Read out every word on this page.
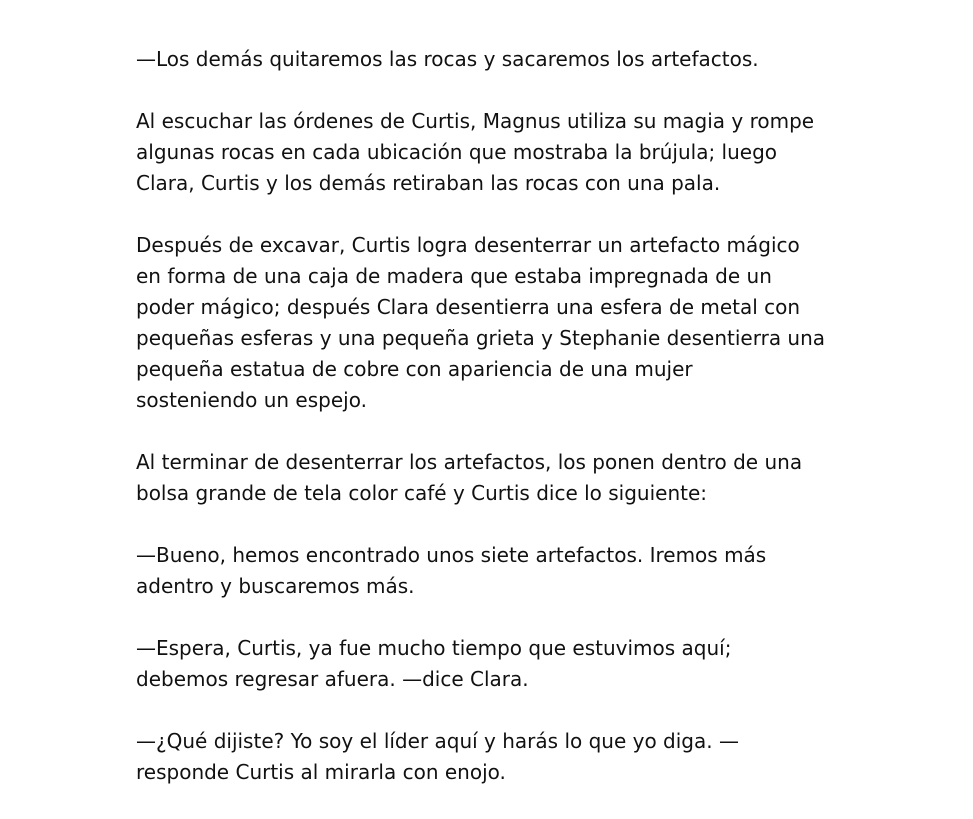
—Los demás quitaremos las rocas y sacaremos los artefactos.
Al escuchar las órdenes de Curtis, Magnus utiliza su magia y rompe
algunas rocas en cada ubicación que mostraba la brújula; luego
Clara, Curtis y los demás retiraban las rocas con una pala.
Después de excavar, Curtis logra desenterrar un artefacto mágico
en forma de una caja de madera que estaba impregnada de un
poder mágico; después Clara desentierra una esfera de metal con
pequeñas esferas y una pequeña grieta y Stephanie desentierra una
pequeña estatua de cobre con apariencia de una mujer
sosteniendo un espejo.
Al terminar de desenterrar los artefactos, los ponen dentro de una
bolsa grande de tela color café y Curtis dice lo siguiente:
—Bueno, hemos encontrado unos siete artefactos. Iremos más
adentro y buscaremos más.
—Espera, Curtis, ya fue mucho tiempo que estuvimos aquí;
debemos regresar afuera. —dice Clara.
—¿Qué dijiste? Yo soy el líder aquí y harás lo que yo diga. —
responde Curtis al mirarla con enojo.
